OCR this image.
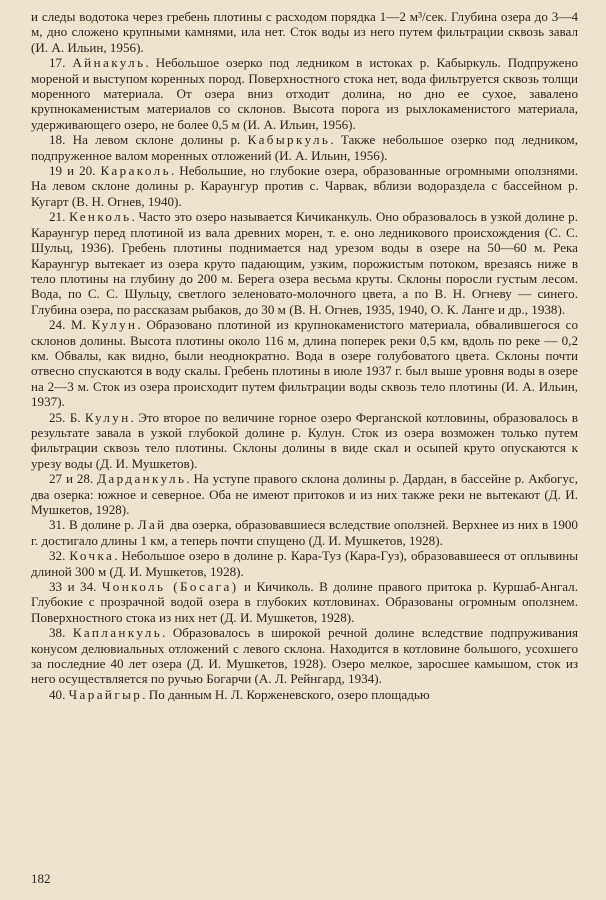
и следы водотока через гребень плотины с расходом порядка 1—2 м³/сек. Глубина озера до 3—4 м, дно сложено крупными камнями, ила нет. Сток воды из него путем фильтрации сквозь завал (И. А. Ильин, 1956).

17. Айнакуль. Небольшое озерко под ледником в истоках р. Кабыркуль. Подпружено мореной и выступом коренных пород. Поверхностного стока нет, вода фильтруется сквозь толщи моренного материала. От озера вниз отходит долина, но дно ее сухое, завалено крупнокаменистым материалов со склонов. Высота порога из рыхлокаменистого материала, удерживающего озеро, не более 0,5 м (И. А. Ильин, 1956).

18. На левом склоне долины р. Кабыркуль. Также небольшое озерко под ледником, подпруженное валом моренных отложений (И. А. Ильин, 1956).

19 и 20. Караколь. Небольшие, но глубокие озера, образованные огромными оползнями. На левом склоне долины р. Караунгур против с. Чарвак, вблизи водораздела с бассейном р. Кугарт (В. Н. Огнев, 1940).

21. Кенколь. Часто это озеро называется Кичиканкуль. Оно образовалось в узкой долине р. Караунгур перед плотиной из вала древних морен, т. е. оно ледникового происхождения (С. С. Шульц, 1936). Гребень плотины поднимается над урезом воды в озере на 50—60 м. Река Караунгур вытекает из озера круто падающим, узким, порожистым потоком, врезаясь ниже в тело плотины на глубину до 200 м. Берега озера весьма круты. Склоны поросли густым лесом. Вода, по С. С. Шульцу, светлого зеленовато-молочного цвета, а по В. Н. Огневу — синего. Глубина озера, по рассказам рыбаков, до 30 м (В. Н. Огнев, 1935, 1940, О. К. Ланге и др., 1938).

24. М. Кулун. Образовано плотиной из крупнокаменистого материала, обвалившегося со склонов долины. Высота плотины около 116 м, длина поперек реки 0,5 км, вдоль по реке — 0,2 км. Обвалы, как видно, были неоднократно. Вода в озере голубоватого цвета. Склоны почти отвесно спускаются в воду скалы. Гребень плотины в июле 1937 г. был выше уровня воды в озере на 2—3 м. Сток из озера происходит путем фильтрации воды сквозь тело плотины (И. А. Ильин, 1937).

25. Б. Кулун. Это второе по величине горное озеро Ферганской котловины, образовалось в результате завала в узкой глубокой долине р. Кулун. Сток из озера возможен только путем фильтрации сквозь тело плотины. Склоны долины в виде скал и осыпей круто опускаются к урезу воды (Д. И. Мушкетов).

27 и 28. Дарданкуль. На уступе правого склона долины р. Дардан, в бассейне р. Акбогус, два озерка: южное и северное. Оба не имеют притоков и из них также реки не вытекают (Д. И. Мушкетов, 1928).

31. В долине р. Лай два озерка, образовавшиеся вследствие оползней. Верхнее из них в 1900 г. достигало длины 1 км, а теперь почти спущено (Д. И. Мушкетов, 1928).

32. Кочка. Небольшое озеро в долине р. Кара-Туз (Кара-Гуз), образовавшееся от оплывины длиной 300 м (Д. И. Мушкетов, 1928).

33 и 34. Чонколь (Босага) и Кичиколь. В долине правого притока р. Куршаб-Ангал. Глубокие с прозрачной водой озера в глубоких котловинах. Образованы огромным оползнем. Поверхностного стока из них нет (Д. И. Мушкетов, 1928).

38. Капланкуль. Образовалось в широкой речной долине вследствие подпруживания конусом делювиальных отложений с левого склона. Находится в котловине большого, усохшего за последние 40 лет озера (Д. И. Мушкетов, 1928). Озеро мелкое, заросшее камышом, сток из него осуществляется по ручью Богарчи (А. Л. Рейнгард, 1934).

40. Чарайгыр. По данным Н. Л. Корженевского, озеро площадью

182
